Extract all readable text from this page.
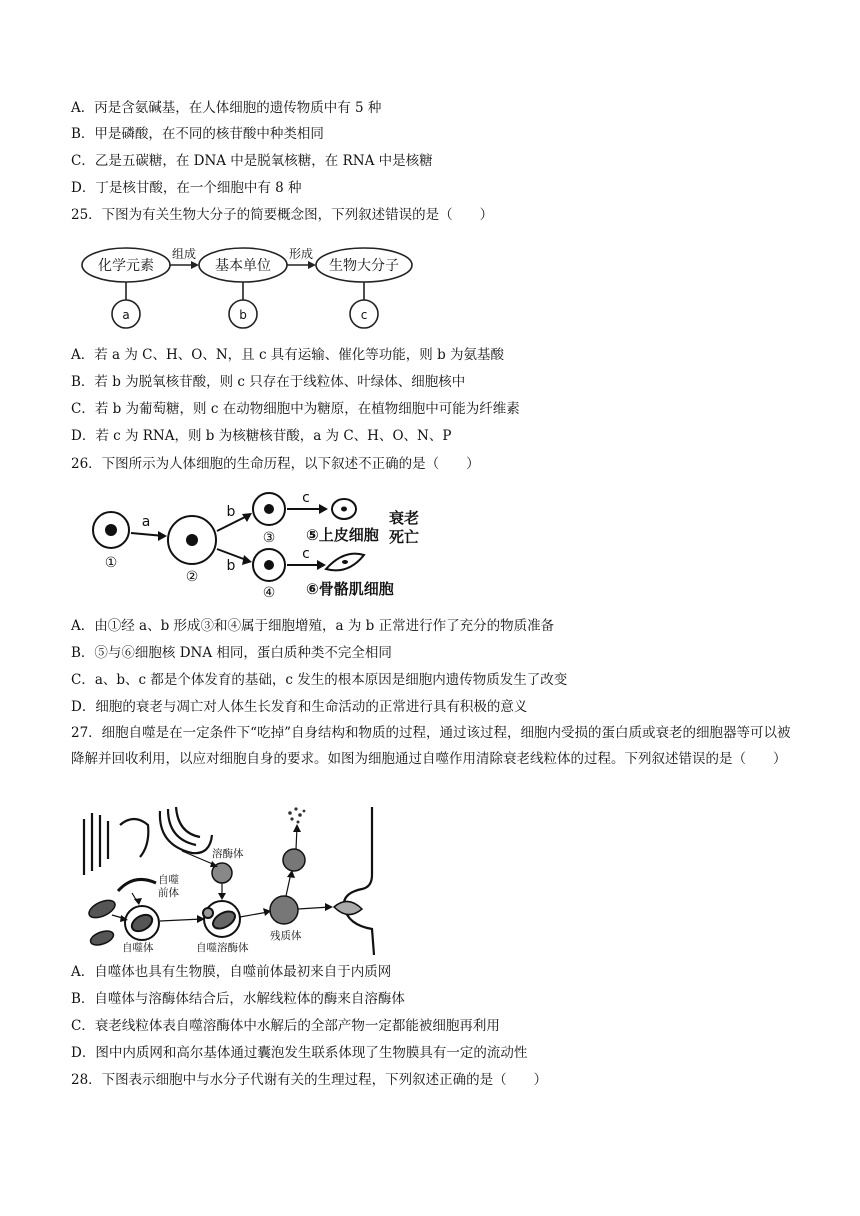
A．丙是含氨碱基，在人体细胞的遗传物质中有 5 种
B．甲是磷酸，在不同的核苷酸中种类相同
C．乙是五碳糖，在 DNA 中是脱氧核糖，在 RNA 中是核糖
D．丁是核甘酸，在一个细胞中有 8 种
25．下图为有关生物大分子的简要概念图，下列叙述错误的是（　　）
化学元素	基本单位	生物大分子
组成	形成
a	b	c
A．若 a 为 C、H、O、N，且 c 具有运输、催化等功能，则 b 为氨基酸
B．若 b 为脱氧核苷酸，则 c 只存在于线粒体、叶绿体、细胞核中
C．若 b 为葡萄糖，则 c 在动物细胞中为糖原，在植物细胞中可能为纤维素
D．若 c 为 RNA，则 b 为核糖核苷酸，a 为 C、H、O、N、P
26．下图所示为人体细胞的生命历程，以下叙述不正确的是（　　）
①
②
③
④
a
b
b
c
c
⑤上皮细胞
⑥骨骼肌细胞
衰老
死亡
A．由①经 a、b 形成③和④属于细胞增殖，a 为 b 正常进行作了充分的物质准备
B．⑤与⑥细胞核 DNA 相同，蛋白质种类不完全相同
C．a、b、c 都是个体发育的基础，c 发生的根本原因是细胞内遗传物质发生了改变
D．细胞的衰老与凋亡对人体生长发育和生命活动的正常进行具有积极的意义
27．细胞自噬是在一定条件下“吃掉”自身结构和物质的过程，通过该过程，细胞内受损的蛋白质或衰老的细胞器等可以被降解并回收利用，以应对细胞自身的要求。如图为细胞通过自噬作用清除衰老线粒体的过程。下列叙述错误的是（　　）
自噬
前体
溶酶体
自噬体	自噬溶酶体
残质体
A．自噬体也具有生物膜，自噬前体最初来自于内质网
B．自噬体与溶酶体结合后，水解线粒体的酶来自溶酶体
C．衰老线粒体表自噬溶酶体中水解后的全部产物一定都能被细胞再利用
D．图中内质网和高尔基体通过囊泡发生联系体现了生物膜具有一定的流动性
28．下图表示细胞中与水分子代谢有关的生理过程，下列叙述正确的是（　　）
